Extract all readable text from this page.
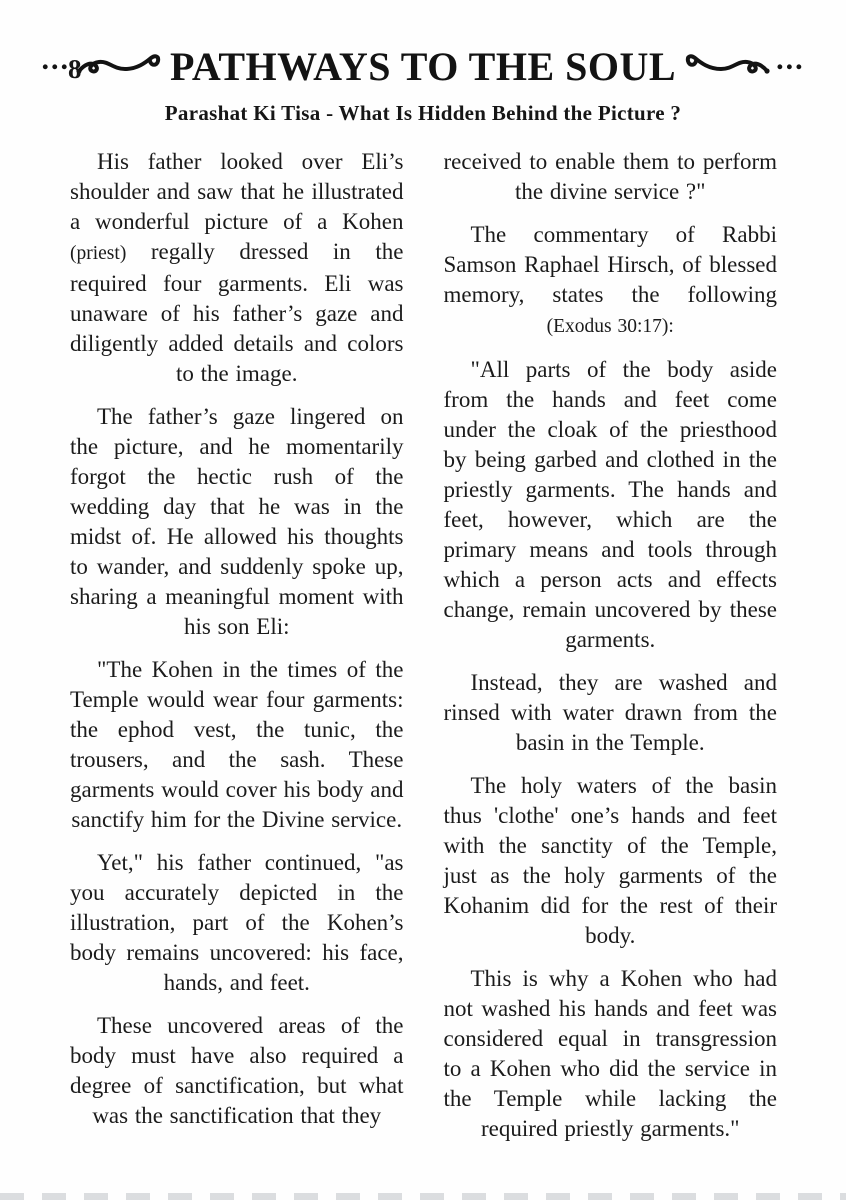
8
...	PATHWAYS TO THE SOUL	...
Parashat Ki Tisa - What Is Hidden Behind the Picture ?

His father looked over Eli’s shoulder and saw that he illustrated a wonderful picture of a Kohen (priest) regally dressed in the required four garments. Eli was unaware of his father’s gaze and diligently added details and colors to the image.

The father’s gaze lingered on the picture, and he momentarily forgot the hectic rush of the wedding day that he was in the midst of. He allowed his thoughts to wander, and suddenly spoke up, sharing a meaningful moment with his son Eli:

"The Kohen in the times of the Temple would wear four garments: the ephod vest, the tunic, the trousers, and the sash. These garments would cover his body and sanctify him for the Divine service.

Yet," his father continued, "as you accurately depicted in the illustration, part of the Kohen’s body remains uncovered: his face, hands, and feet.

These uncovered areas of the body must have also required a degree of sanctification, but what was the sanctification that they

received to enable them to perform the divine service ?"

The commentary of Rabbi Samson Raphael Hirsch, of blessed memory, states the following (Exodus 30:17):

"All parts of the body aside from the hands and feet come under the cloak of the priesthood by being garbed and clothed in the priestly garments. The hands and feet, however, which are the primary means and tools through which a person acts and effects change, remain uncovered by these garments.

Instead, they are washed and rinsed with water drawn from the basin in the Temple.

The holy waters of the basin thus 'clothe' one’s hands and feet with the sanctity of the Temple, just as the holy garments of the Kohanim did for the rest of their body.

This is why a Kohen who had not washed his hands and feet was considered equal in transgression to a Kohen who did the service in the Temple while lacking the required priestly garments."
